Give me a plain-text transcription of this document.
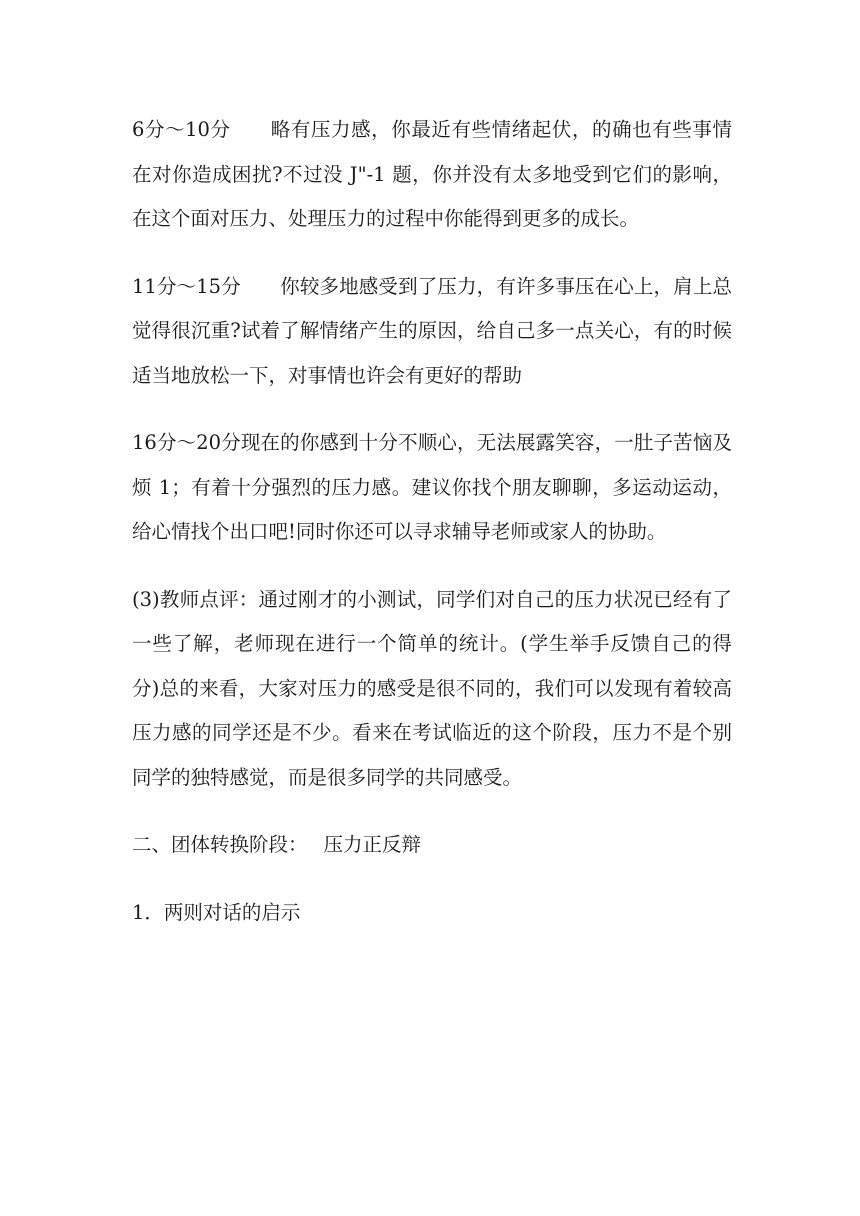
6分～10分　　略有压力感，你最近有些情绪起伏，的确也有些事情在对你造成困扰?不过没 J"-1 题，你并没有太多地受到它们的影响，在这个面对压力、处理压力的过程中你能得到更多的成长。

11分～15分　　你较多地感受到了压力，有许多事压在心上，肩上总觉得很沉重?试着了解情绪产生的原因，给自己多一点关心，有的时候适当地放松一下，对事情也许会有更好的帮助

16分～20分现在的你感到十分不顺心，无法展露笑容，一肚子苦恼及烦 1；有着十分强烈的压力感。建议你找个朋友聊聊，多运动运动，给心情找个出口吧!同时你还可以寻求辅导老师或家人的协助。

(3)教师点评：通过刚才的小测试，同学们对自己的压力状况已经有了一些了解，老师现在进行一个简单的统计。(学生举手反馈自己的得分)总的来看，大家对压力的感受是很不同的，我们可以发现有着较高压力感的同学还是不少。看来在考试临近的这个阶段，压力不是个别同学的独特感觉，而是很多同学的共同感受。

二、团体转换阶段：　 压力正反辩

1．两则对话的启示
